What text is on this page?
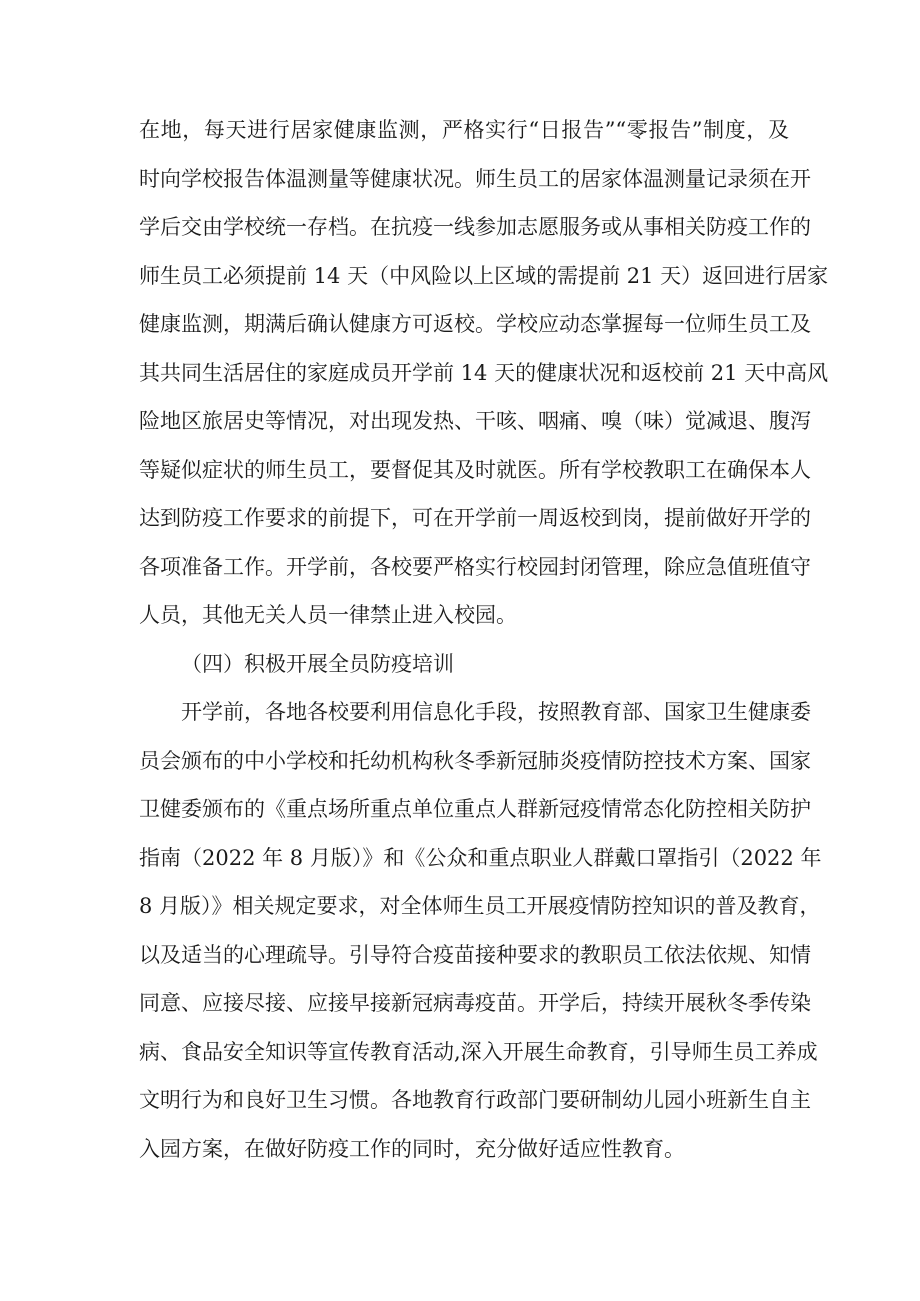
在地，每天进行居家健康监测，严格实行“日报告”“零报告”制度，及
时向学校报告体温测量等健康状况。师生员工的居家体温测量记录须在开
学后交由学校统一存档。在抗疫一线参加志愿服务或从事相关防疫工作的
师生员工必须提前 14 天（中风险以上区域的需提前 21 天）返回进行居家
健康监测，期满后确认健康方可返校。学校应动态掌握每一位师生员工及
其共同生活居住的家庭成员开学前 14 天的健康状况和返校前 21 天中高风
险地区旅居史等情况，对出现发热、干咳、咽痛、嗅（味）觉减退、腹泻
等疑似症状的师生员工，要督促其及时就医。所有学校教职工在确保本人
达到防疫工作要求的前提下，可在开学前一周返校到岗，提前做好开学的
各项准备工作。开学前，各校要严格实行校园封闭管理，除应急值班值守
人员，其他无关人员一律禁止进入校园。
（四）积极开展全员防疫培训
开学前，各地各校要利用信息化手段，按照教育部、国家卫生健康委
员会颁布的中小学校和托幼机构秋冬季新冠肺炎疫情防控技术方案、国家
卫健委颁布的《重点场所重点单位重点人群新冠疫情常态化防控相关防护
指南（2022 年 8 月版）》和《公众和重点职业人群戴口罩指引（2022 年
8 月版）》相关规定要求，对全体师生员工开展疫情防控知识的普及教育，
以及适当的心理疏导。引导符合疫苗接种要求的教职员工依法依规、知情
同意、应接尽接、应接早接新冠病毒疫苗。开学后，持续开展秋冬季传染
病、食品安全知识等宣传教育活动,深入开展生命教育，引导师生员工养成
文明行为和良好卫生习惯。各地教育行政部门要研制幼儿园小班新生自主
入园方案，在做好防疫工作的同时，充分做好适应性教育。
